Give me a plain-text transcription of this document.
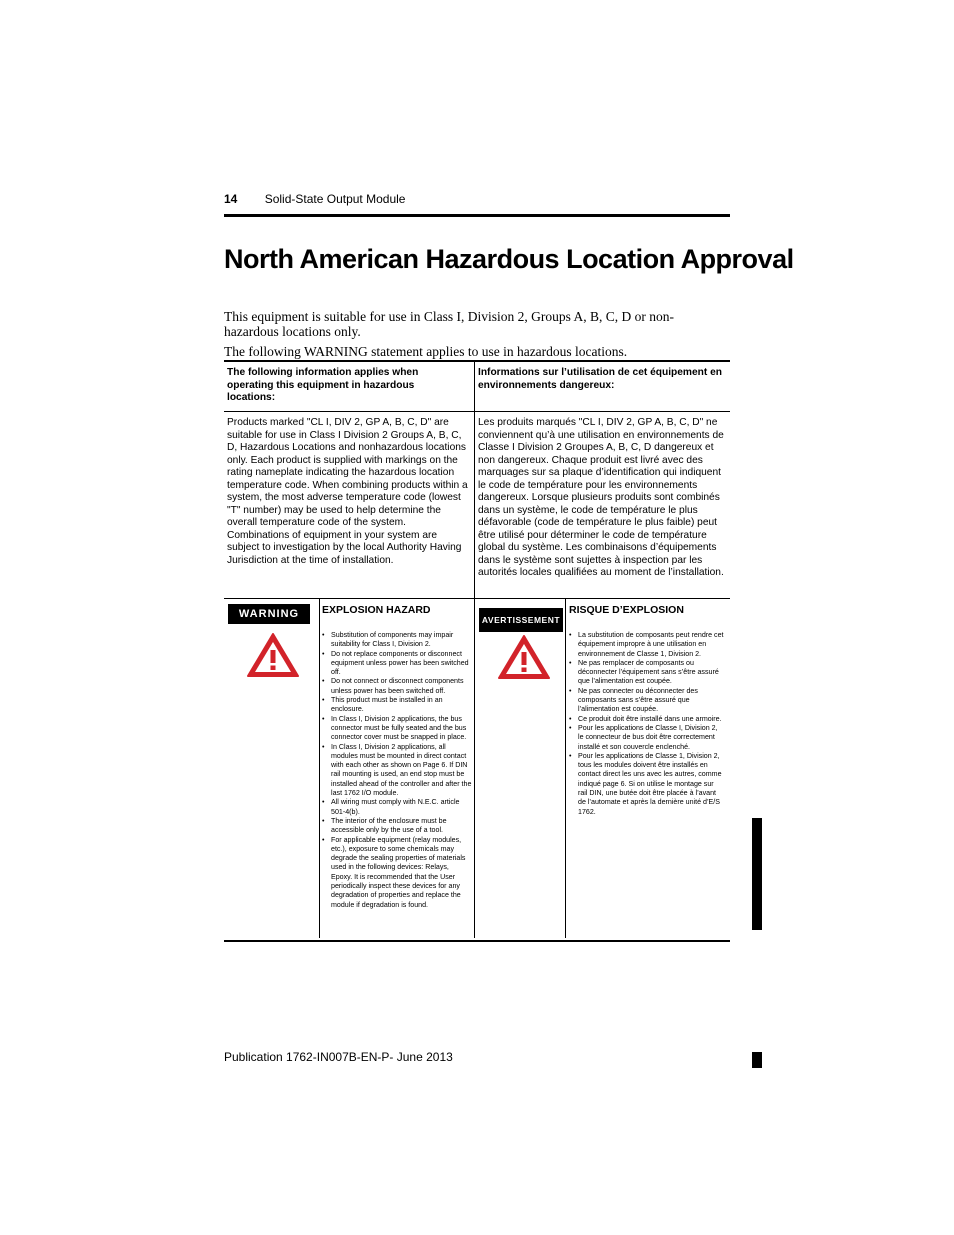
14 Solid-State Output Module
North American Hazardous Location Approval

This equipment is suitable for use in Class I, Division 2, Groups A, B, C, D or non-hazardous locations only.

The following WARNING statement applies to use in hazardous locations.

The following information applies when operating this equipment in hazardous locations:
Informations sur l’utilisation de cet équipement en environnements dangereux:
Products marked "CL I, DIV 2, GP A, B, C, D" are suitable for use in Class I Division 2 Groups A, B, C, D, Hazardous Locations and nonhazardous locations only. Each product is supplied with markings on the rating nameplate indicating the hazardous location temperature code. When combining products within a system, the most adverse temperature code (lowest "T" number) may be used to help determine the overall temperature code of the system. Combinations of equipment in your system are subject to investigation by the local Authority Having Jurisdiction at the time of installation.
Les produits marqués "CL I, DIV 2, GP A, B, C, D" ne conviennent qu’à une utilisation en environnements de Classe I Division 2 Groupes A, B, C, D dangereux et non dangereux. Chaque produit est livré avec des marquages sur sa plaque d’identification qui indiquent le code de température pour les environnements dangereux. Lorsque plusieurs produits sont combinés dans un système, le code de température le plus défavorable (code de température le plus faible) peut être utilisé pour déterminer le code de température global du système. Les combinaisons d’équipements dans le système sont sujettes à inspection par les autorités locales qualifiées au moment de l’installation.
WARNING	EXPLOSION HAZARD
• Substitution of components may impair suitability for Class I, Division 2.
• Do not replace components or disconnect equipment unless power has been switched off.
• Do not connect or disconnect components unless power has been switched off.
• This product must be installed in an enclosure.
• In Class I, Division 2 applications, the bus connector must be fully seated and the bus connector cover must be snapped in place.
• In Class I, Division 2 applications, all modules must be mounted in direct contact with each other as shown on Page 6. If DIN rail mounting is used, an end stop must be installed ahead of the controller and after the last 1762 I/O module.
• All wiring must comply with N.E.C. article 501-4(b).
• The interior of the enclosure must be accessible only by the use of a tool.
• For applicable equipment (relay modules, etc.), exposure to some chemicals may degrade the sealing properties of materials used in the following devices: Relays, Epoxy. It is recommended that the User periodically inspect these devices for any degradation of properties and replace the module if degradation is found.
AVERTISSEMENT
RISQUE D’EXPLOSION
• La substitution de composants peut rendre cet équipement impropre à une utilisation en environnement de Classe 1, Division 2.
• Ne pas remplacer de composants ou déconnecter l’équipement sans s’être assuré que l’alimentation est coupée.
• Ne pas connecter ou déconnecter des composants sans s’être assuré que l’alimentation est coupée.
• Ce produit doit être installé dans une armoire.
• Pour les applications de Classe I, Division 2, le connecteur de bus doit être correctement installé et son couvercle enclenché.
• Pour les applications de Classe 1, Division 2, tous les modules doivent être installés en contact direct les uns avec les autres, comme indiqué page 6. Si on utilise le montage sur rail DIN, une butée doit être placée à l’avant de l’automate et après la dernière unité d’E/S 1762.
Publication 1762-IN007B-EN-P- June 2013
